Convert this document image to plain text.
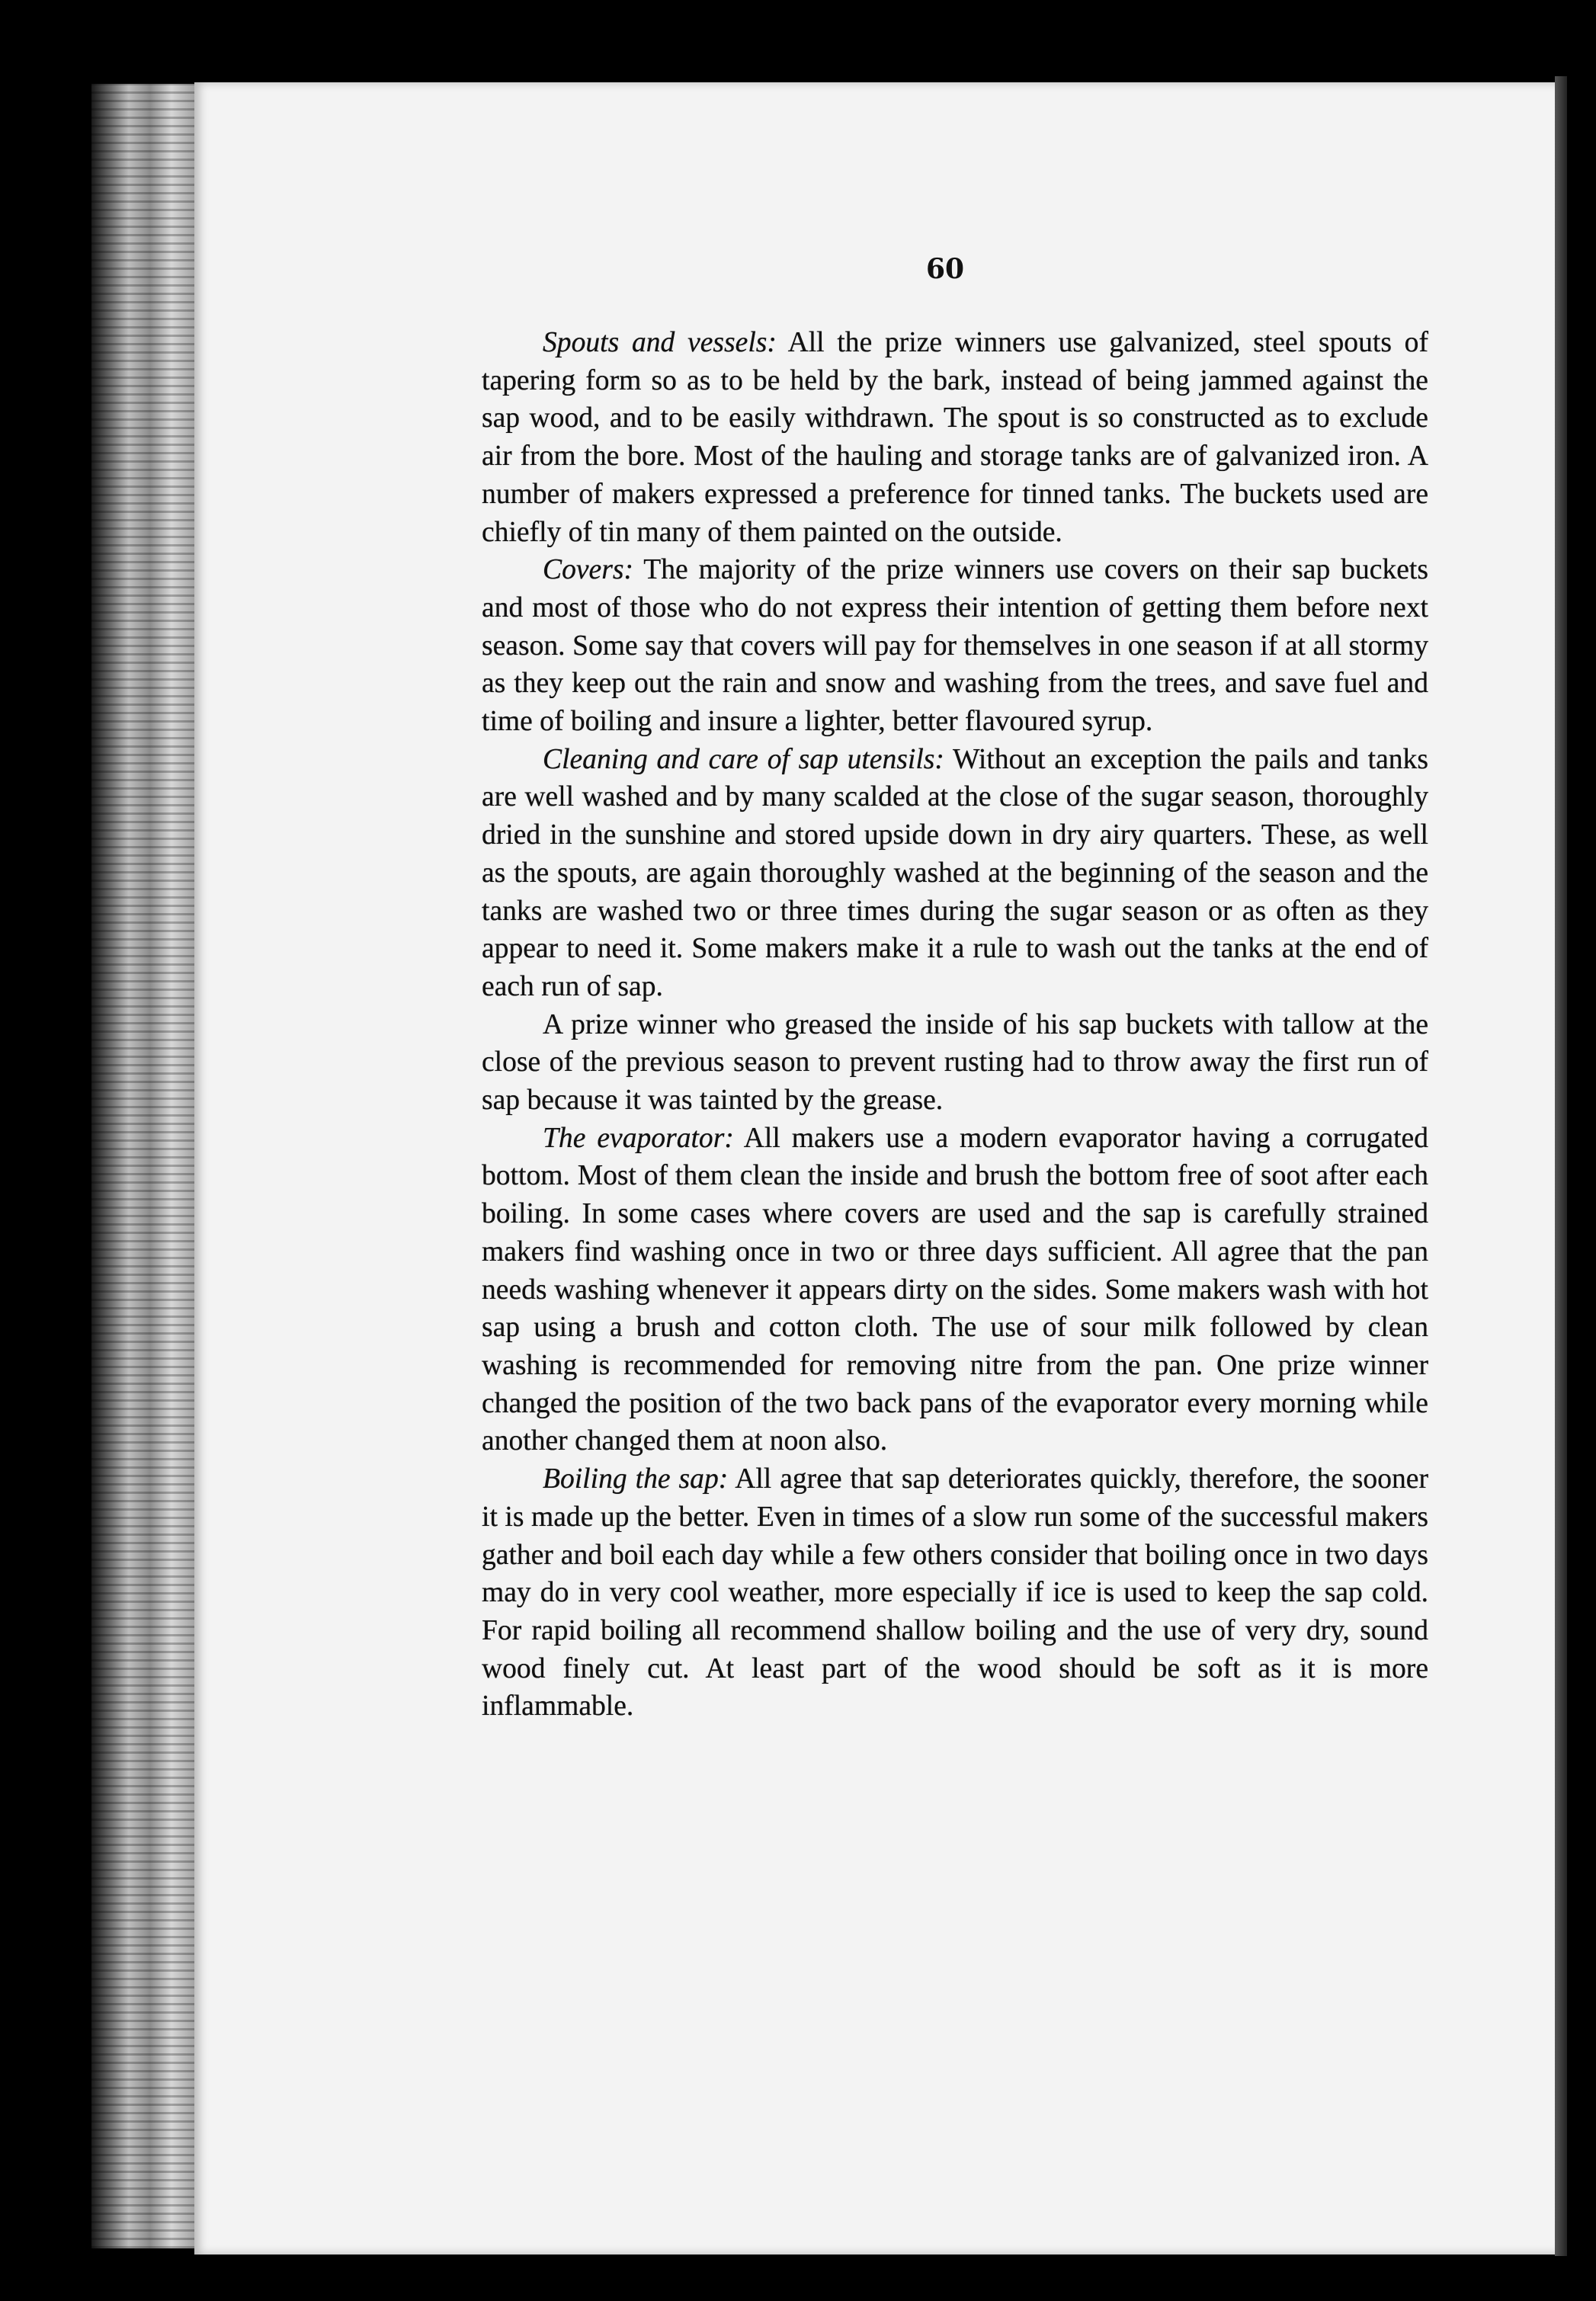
60

Spouts and vessels: All the prize winners use galvanized, steel spouts of tapering form so as to be held by the bark, instead of being jammed against the sap wood, and to be easily withdrawn. The spout is so constructed as to exclude air from the bore. Most of the hauling and storage tanks are of galvanized iron. A number of makers expressed a preference for tinned tanks. The buckets used are chiefly of tin many of them painted on the outside.

Covers: The majority of the prize winners use covers on their sap buckets and most of those who do not express their intention of getting them before next season. Some say that covers will pay for themselves in one season if at all stormy as they keep out the rain and snow and washing from the trees, and save fuel and time of boiling and insure a lighter, better flavoured syrup.

Cleaning and care of sap utensils: Without an exception the pails and tanks are well washed and by many scalded at the close of the sugar season, thoroughly dried in the sunshine and stored upside down in dry airy quarters. These, as well as the spouts, are again thoroughly washed at the beginning of the season and the tanks are washed two or three times during the sugar season or as often as they appear to need it. Some makers make it a rule to wash out the tanks at the end of each run of sap.

A prize winner who greased the inside of his sap buckets with tallow at the close of the previous season to prevent rusting had to throw away the first run of sap because it was tainted by the grease.

The evaporator: All makers use a modern evaporator having a corrugated bottom. Most of them clean the inside and brush the bottom free of soot after each boiling. In some cases where covers are used and the sap is carefully strained makers find washing once in two or three days sufficient. All agree that the pan needs washing whenever it appears dirty on the sides. Some makers wash with hot sap using a brush and cotton cloth. The use of sour milk followed by clean washing is recommended for removing nitre from the pan. One prize winner changed the position of the two back pans of the evaporator every morning while another changed them at noon also.

Boiling the sap: All agree that sap deteriorates quickly, therefore, the sooner it is made up the better. Even in times of a slow run some of the successful makers gather and boil each day while a few others consider that boiling once in two days may do in very cool weather, more especially if ice is used to keep the sap cold. For rapid boiling all recommend shallow boiling and the use of very dry, sound wood finely cut. At least part of the wood should be soft as it is more inflammable.
